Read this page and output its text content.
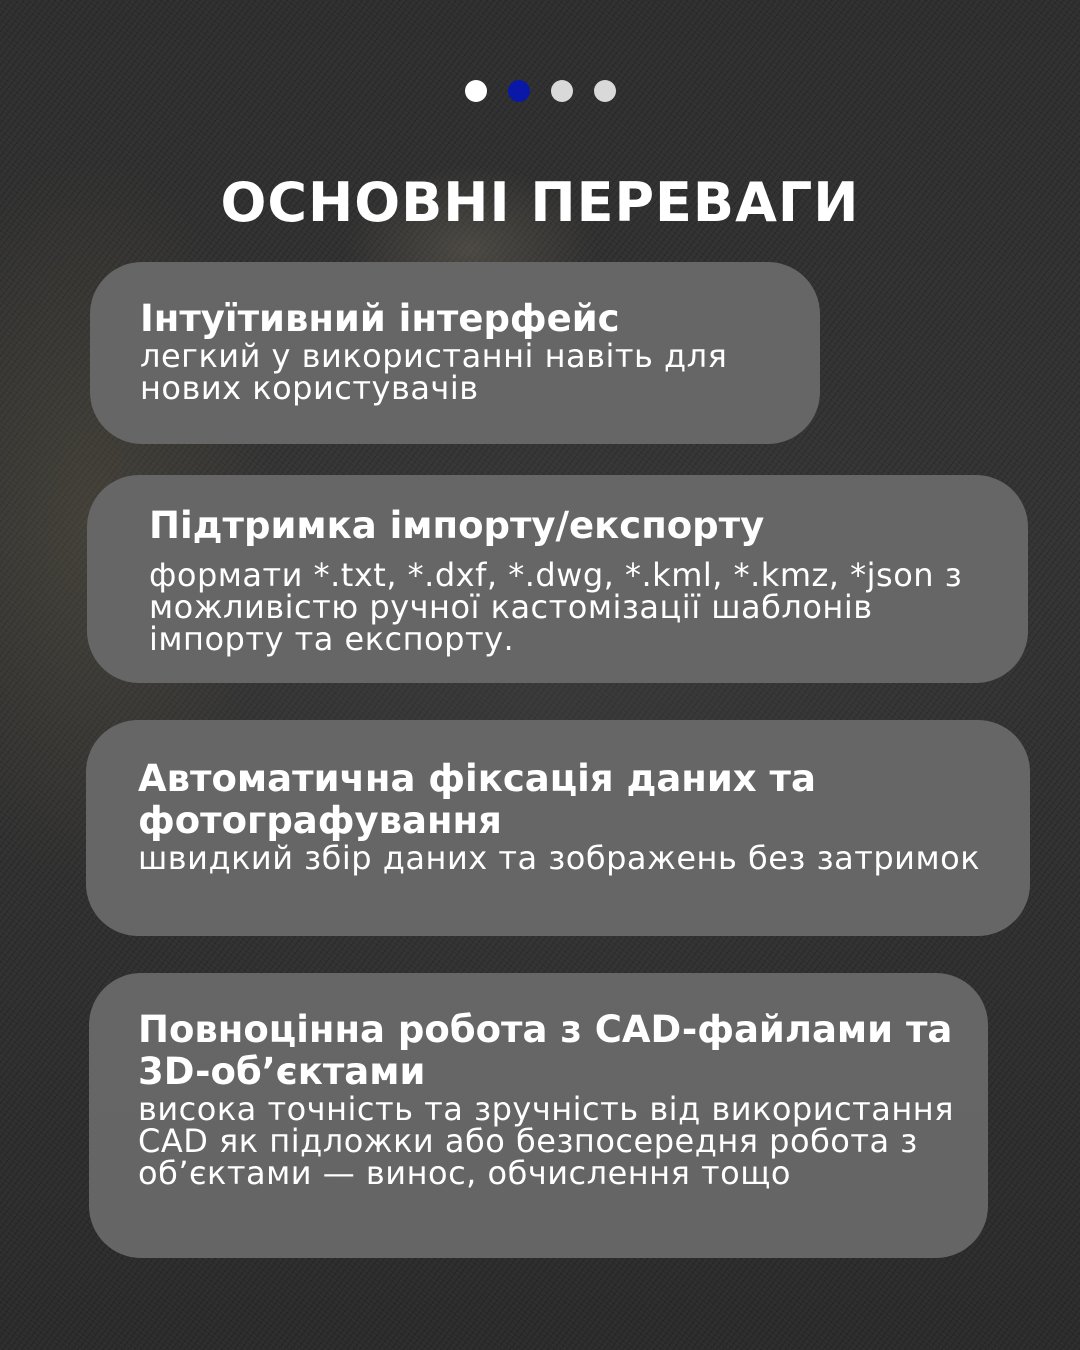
ОСНОВНІ ПЕРЕВАГИ

Інтуїтивний інтерфейс

легкий у використанні навіть для нових користувачів

Підтримка імпорту/експорту

формати *.txt, *.dxf, *.dwg, *.kml, *.kmz, *json з можливістю ручної кастомізації шаблонів імпорту та експорту.

Автоматична фіксація даних та фотографування

швидкий збір даних та зображень без затримок

Повноцінна робота з CAD-файлами та 3D-об’єктами

висока точність та зручність від використання CAD як підложки або безпосередня робота з об’єктами — винос, обчислення тощо
